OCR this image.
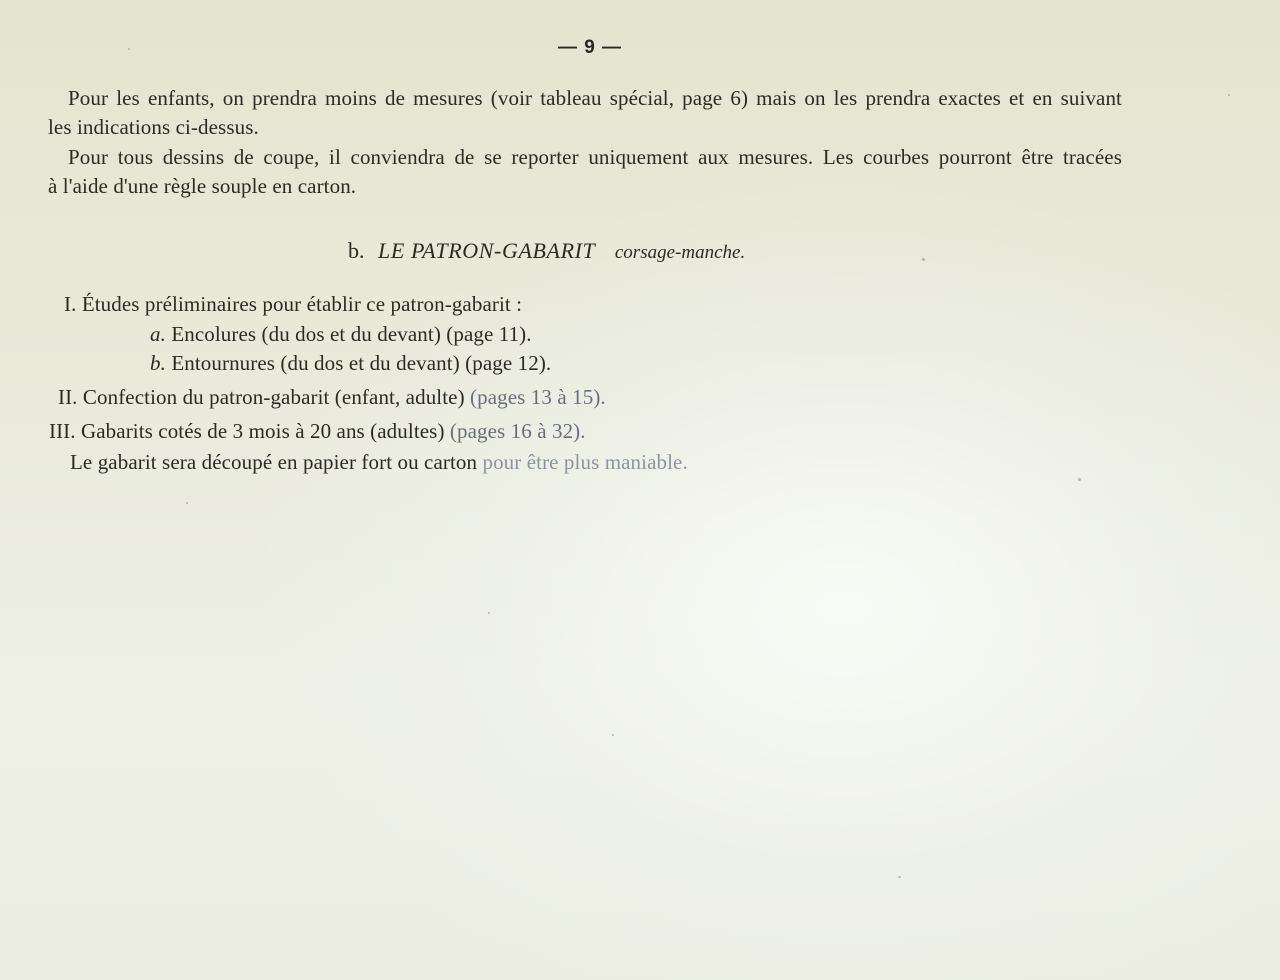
— 9 —
Pour les enfants, on prendra moins de mesures (voir tableau spécial, page 6) mais on les prendra exactes et en suivant
les indications ci-dessus.
Pour tous dessins de coupe, il conviendra de se reporter uniquement aux mesures. Les courbes pourront être tracées
à l'aide d'une règle souple en carton.
b. LE PATRON-GABARIT corsage-manche.
I. Études préliminaires pour établir ce patron-gabarit :
a. Encolures (du dos et du devant) (page 11).
b. Entournures (du dos et du devant) (page 12).
II. Confection du patron-gabarit (enfant, adulte) (pages 13 à 15).
III. Gabarits cotés de 3 mois à 20 ans (adultes) (pages 16 à 32).
Le gabarit sera découpé en papier fort ou carton pour être plus maniable.
